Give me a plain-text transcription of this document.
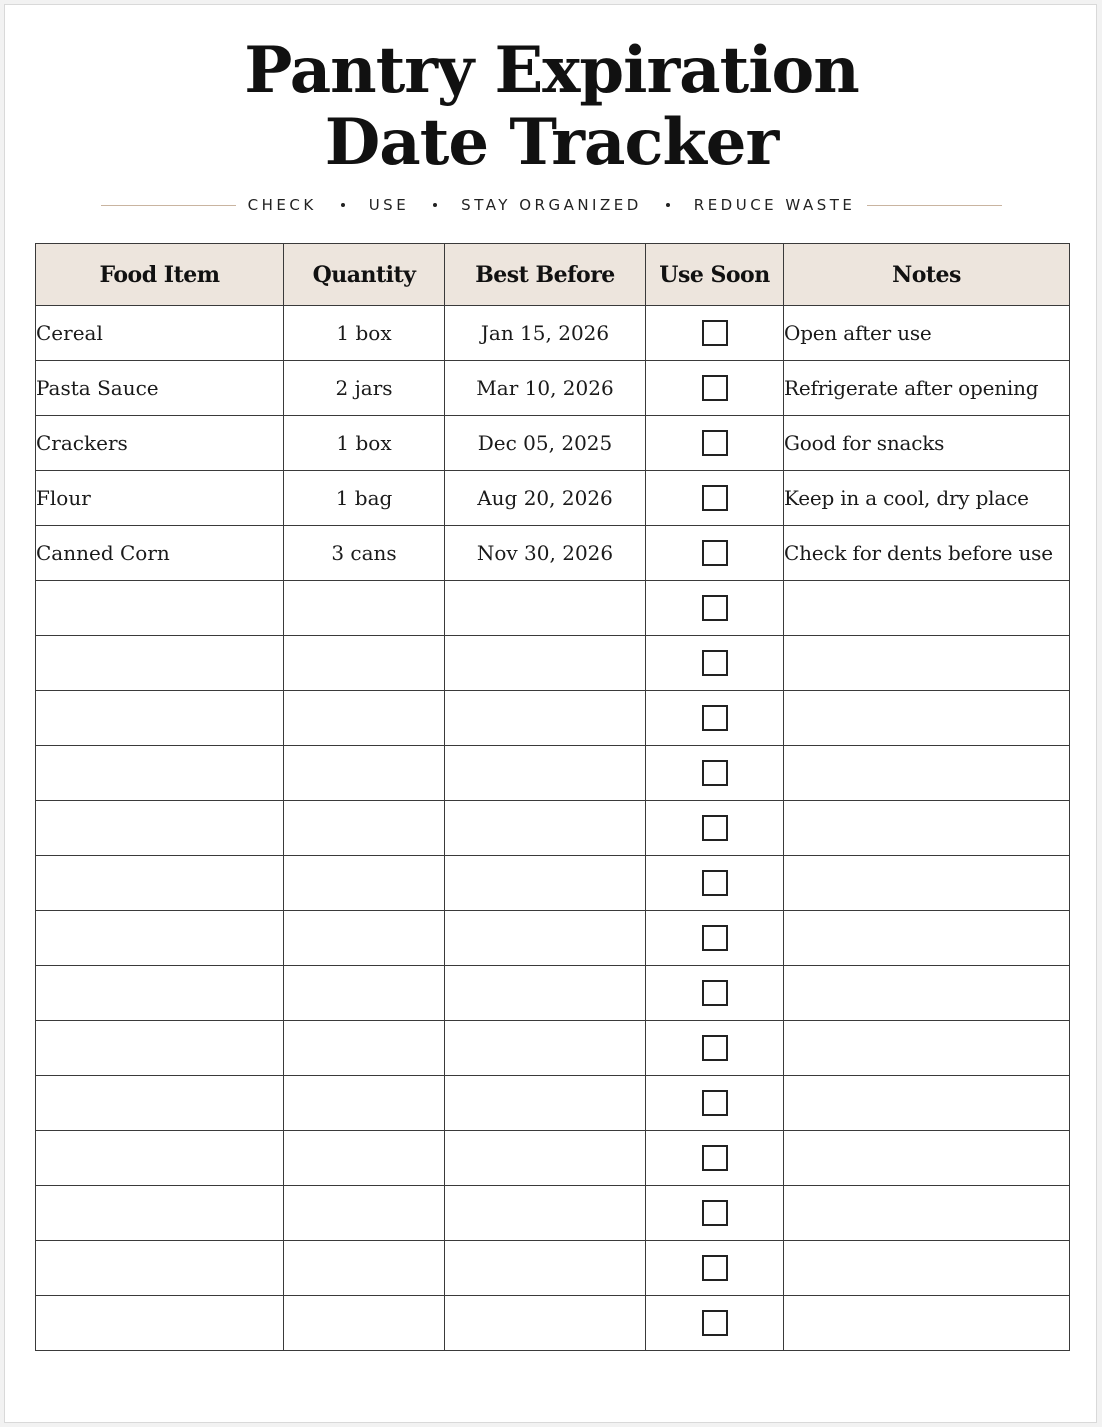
Pantry Expiration
Date Tracker
CHECK	USE	STAY ORGANIZED	REDUCE WASTE
Food Item	Quantity	Best Before	Use Soon	Notes
Cereal	1 box	Jan 15, 2026		Open after use
Pasta Sauce	2 jars	Mar 10, 2026		Refrigerate after opening
Crackers	1 box	Dec 05, 2025		Good for snacks
Flour	1 bag	Aug 20, 2026		Keep in a cool, dry place
Canned Corn	3 cans	Nov 30, 2026		Check for dents before use
